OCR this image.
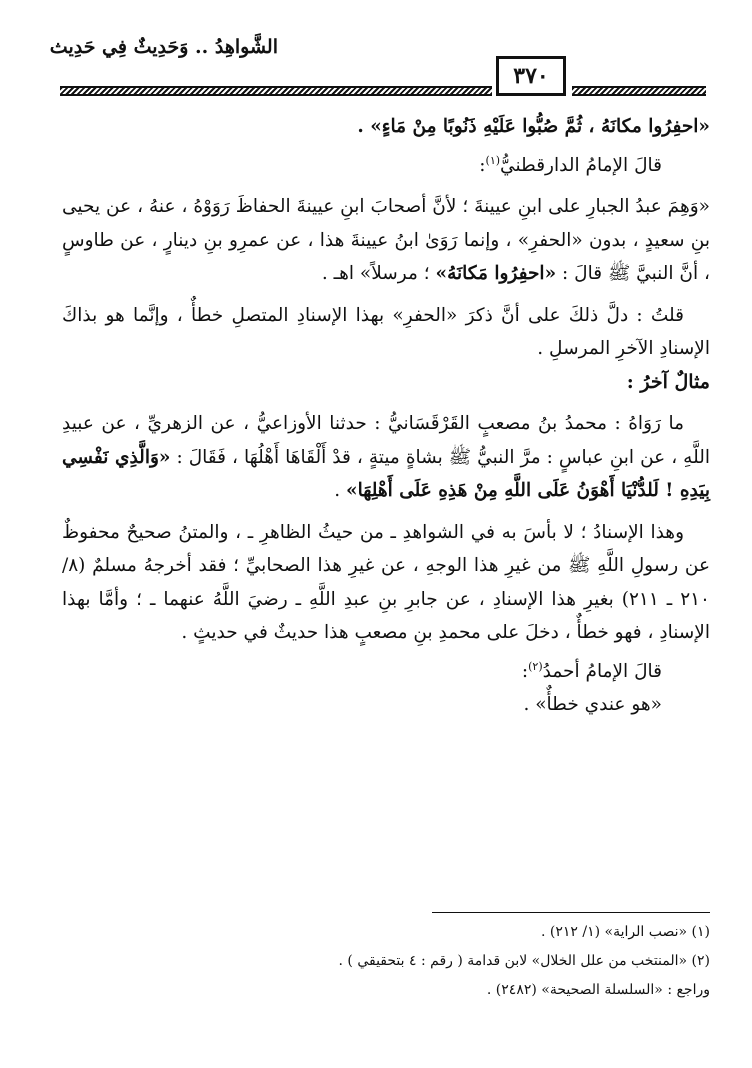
الشَّواهِدُ .. وَحَدِيثٌ فِي حَدِيث
٣٧٠

«احفِرُوا مكانَهُ ، ثُمَّ صُبُّوا عَلَيْهِ ذَنُوبًا مِنْ مَاءٍ» .

قالَ الإمامُ الدارقطنيُّ$^{(١)}$:

«وَهِمَ عبدُ الجبارِ على ابنِ عيينةَ ؛ لأنَّ أصحابَ ابنِ عيينةَ الحفاظَ رَوَوْهُ ، عنهُ ، عن يحيى بنِ سعيدٍ ، بدون «الحفرِ» ، وإنما رَوَىٰ ابنُ عيينةَ هذا ، عن عمرِو بنِ دينارٍ ، عن طاوسٍ ، أنَّ النبيَّ ﷺ قالَ : «احفِرُوا مَكانَهُ» ؛ مرسلاً» اهـ .

قلتُ : دلَّ ذلكَ على أنَّ ذكرَ «الحفرِ» بهذا الإسنادِ المتصلِ خطأٌ ، وإنَّما هو بذاكَ الإسنادِ الآخرِ المرسلِ .

مثالٌ آخرُ :

ما رَوَاهُ : محمدُ بنُ مصعبٍ القَرْقَسَانيُّ : حدثنا الأوزاعيُّ ، عن الزهريِّ ، عن عبيدِ اللَّهِ ، عن ابنِ عباسٍ : مرَّ النبيُّ ﷺ بشاةٍ ميتةٍ ، قدْ أَلْقَاهَا أَهْلُهَا ، فَقَالَ : «وَالَّذِي نَفْسِي بِيَدِهِ ! لَلدُّنْيَا أَهْوَنُ عَلَى اللَّهِ مِنْ هَذِهِ عَلَى أَهْلِهَا» .

وهذا الإسنادُ ؛ لا بأسَ به في الشواهدِ ـ من حيثُ الظاهرِ ـ ، والمتنُ صحيحٌ محفوظٌ عن رسولِ اللَّهِ ﷺ من غيرِ هذا الوجهِ ، عن غيرِ هذا الصحابيِّ ؛ فقد أخرجهُ مسلمٌ (٨/ ٢١٠ ـ ٢١١) بغيرِ هذا الإسنادِ ، عن جابرِ بنِ عبدِ اللَّهِ ـ رضيَ اللَّهُ عنهما ـ ؛ وأمَّا بهذا الإسنادِ ، فهو خطأٌ ، دخلَ على محمدِ بنِ مصعبٍ هذا حديثٌ في حديثٍ .

قالَ الإمامُ أحمدُ$^{(٢)}$:

«هو عندي خطأٌ» .

(١) «نصب الراية» (١/ ٢١٢) .

(٢) «المنتخب من علل الخلال» لابن قدامة ( رقم : ٤ بتحقيقي ) .

وراجع : «السلسلة الصحيحة» (٢٤٨٢) .
